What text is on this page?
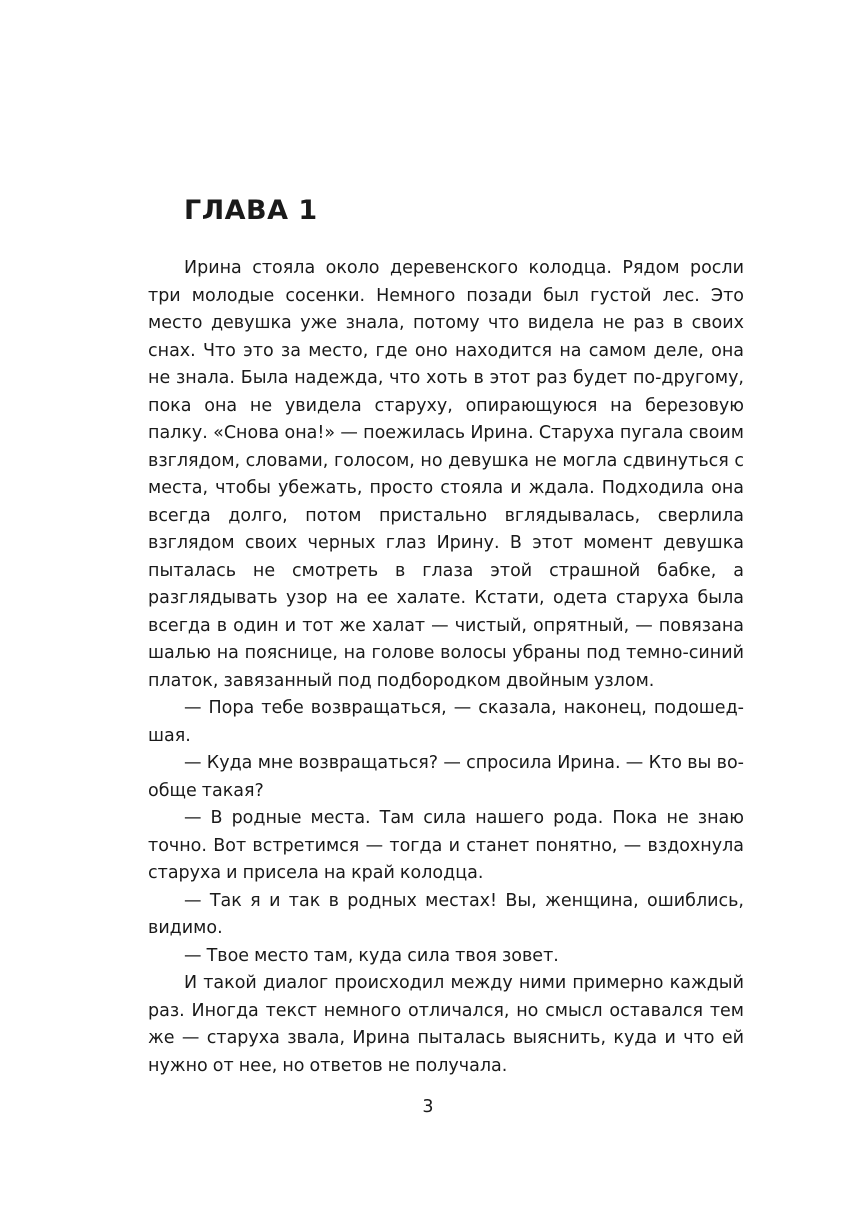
ГЛАВА 1

Ирина стояла около деревенского колодца. Рядом росли три молодые сосенки. Немного позади был густой лес. Это место девушка уже знала, потому что видела не раз в своих снах. Что это за место, где оно находится на самом деле, она не знала. Была надежда, что хоть в этот раз будет по-другому, пока она не увидела старуху, опирающуюся на березовую палку. «Снова она!» — поежилась Ирина. Старуха пугала своим взглядом, словами, голосом, но девушка не могла сдвинуться с места, чтобы убежать, просто стояла и ждала. Подходила она всегда долго, потом пристально вглядывалась, сверлила взглядом своих черных глаз Ирину. В этот момент девушка пыталась не смотреть в глаза этой страшной бабке, а разглядывать узор на ее халате. Кстати, одета старуха была всегда в один и тот же халат — чистый, опрятный, — повязана шалью на пояснице, на голове волосы убраны под темно-синий платок, завязанный под подбородком двойным узлом.

— Пора тебе возвращаться, — сказала, наконец, подошедшая.

— Куда мне возвращаться? — спросила Ирина. — Кто вы вообще такая?

— В родные места. Там сила нашего рода. Пока не знаю точно. Вот встретимся — тогда и станет понятно, — вздохнула старуха и присела на край колодца.

— Так я и так в родных местах! Вы, женщина, ошиблись, видимо.

— Твое место там, куда сила твоя зовет.

И такой диалог происходил между ними примерно каждый раз. Иногда текст немного отличался, но смысл оставался тем же — старуха звала, Ирина пыталась выяснить, куда и что ей нужно от нее, но ответов не получала.

3
